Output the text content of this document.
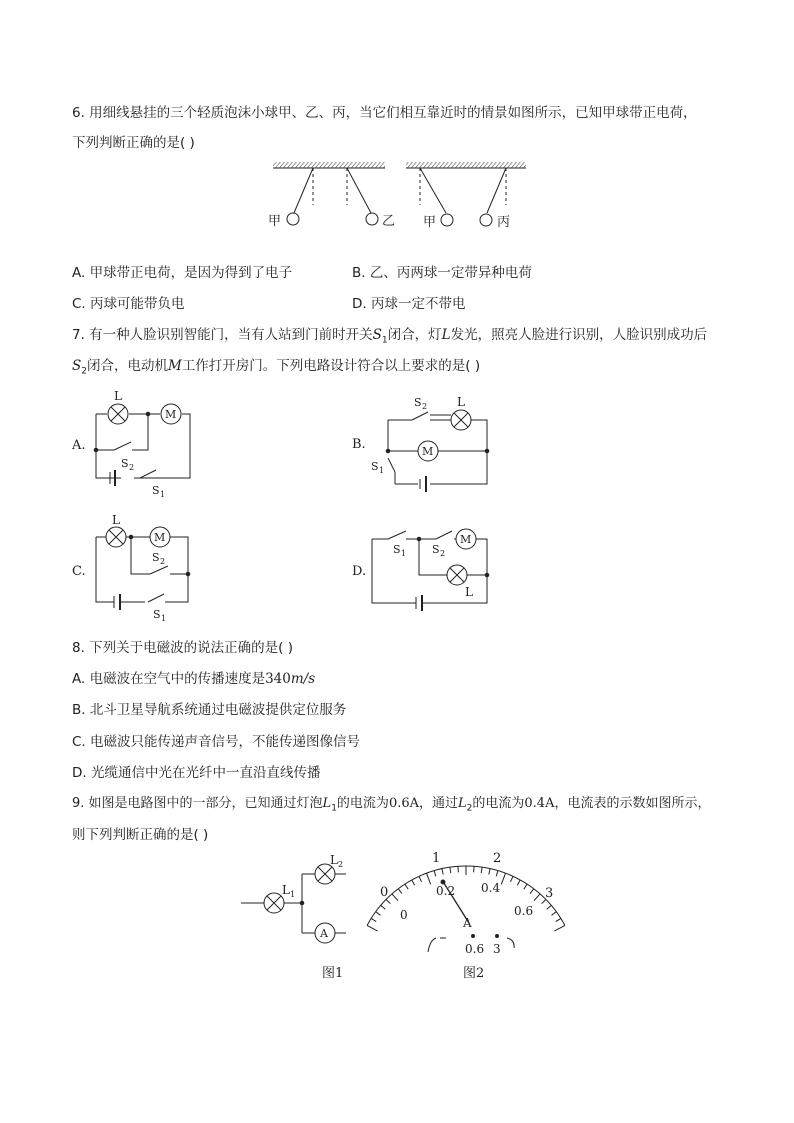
6. 用细线悬挂的三个轻质泡沫小球甲、乙、丙，当它们相互靠近时的情景如图所示，已知甲球带正电荷，
下列判断正确的是( )
甲	乙 甲	丙
A. 甲球带正电荷，是因为得到了电子	B. 乙、丙两球一定带异种电荷
C. 丙球可能带负电	D. 丙球一定不带电
7. 有一种人脸识别智能门，当有人站到门前时开关$S_1$闭合，灯L发光，照亮人脸进行识别，人脸识别成功后
$S_2$闭合，电动机M工作打开房门。下列电路设计符合以上要求的是( )
A.
L
M
S 2
S 1
B.
L
S 2
M
S 1
C.
L
M
S 2
S 1
D.
S 1 S 2
M
L
8. 下列关于电磁波的说法正确的是( )
A. 电磁波在空气中的传播速度是340m/s
B. 北斗卫星导航系统通过电磁波提供定位服务
C. 电磁波只能传递声音信号，不能传递图像信号
D. 光缆通信中光在光纤中一直沿直线传播
9. 如图是电路图中的一部分，已知通过灯泡$L_1$的电流为0.6A，通过$L_2$的电流为0.4A，电流表的示数如图所示，
则下列判断正确的是( )
L 1
L 2
A
图1
0
1	2
3
0
0.2 0.4
0.6
A
0.6 3
图2
